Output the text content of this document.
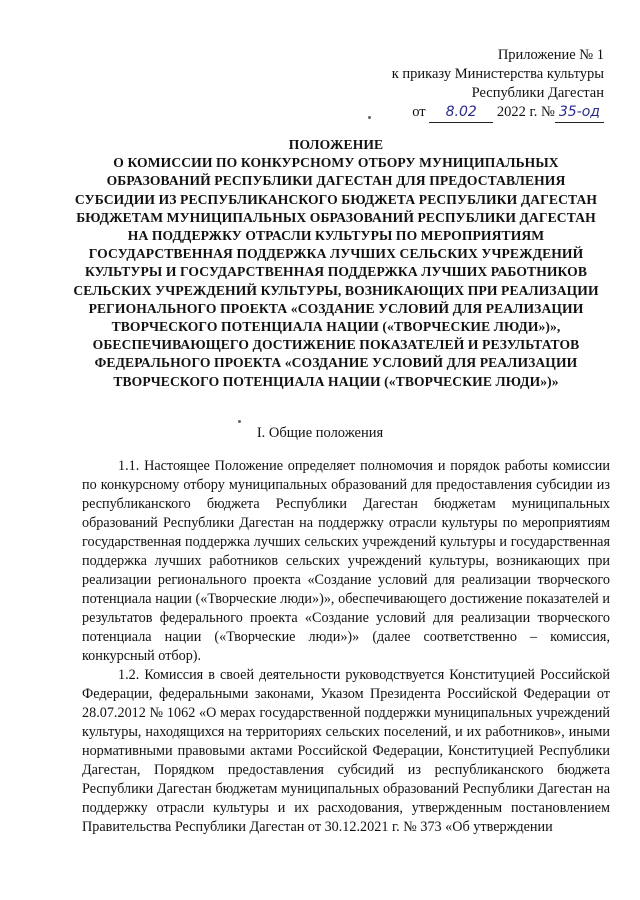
Приложение № 1
к приказу Министерства культуры
Республики Дагестан
от 8.02 2022 г. № 35-од
ПОЛОЖЕНИЕ
О КОМИССИИ ПО КОНКУРСНОМУ ОТБОРУ МУНИЦИПАЛЬНЫХ ОБРАЗОВАНИЙ РЕСПУБЛИКИ ДАГЕСТАН ДЛЯ ПРЕДОСТАВЛЕНИЯ СУБСИДИИ ИЗ РЕСПУБЛИКАНСКОГО БЮДЖЕТА РЕСПУБЛИКИ ДАГЕСТАН БЮДЖЕТАМ МУНИЦИПАЛЬНЫХ ОБРАЗОВАНИЙ РЕСПУБЛИКИ ДАГЕСТАН НА ПОДДЕРЖКУ ОТРАСЛИ КУЛЬТУРЫ ПО МЕРОПРИЯТИЯМ ГОСУДАРСТВЕННАЯ ПОДДЕРЖКА ЛУЧШИХ СЕЛЬСКИХ УЧРЕЖДЕНИЙ КУЛЬТУРЫ И ГОСУДАРСТВЕННАЯ ПОДДЕРЖКА ЛУЧШИХ РАБОТНИКОВ СЕЛЬСКИХ УЧРЕЖДЕНИЙ КУЛЬТУРЫ, ВОЗНИКАЮЩИХ ПРИ РЕАЛИЗАЦИИ РЕГИОНАЛЬНОГО ПРОЕКТА «СОЗДАНИЕ УСЛОВИЙ ДЛЯ РЕАЛИЗАЦИИ ТВОРЧЕСКОГО ПОТЕНЦИАЛА НАЦИИ («ТВОРЧЕСКИЕ ЛЮДИ»)», ОБЕСПЕЧИВАЮЩЕГО ДОСТИЖЕНИЕ ПОКАЗАТЕЛЕЙ И РЕЗУЛЬТАТОВ ФЕДЕРАЛЬНОГО ПРОЕКТА «СОЗДАНИЕ УСЛОВИЙ ДЛЯ РЕАЛИЗАЦИИ ТВОРЧЕСКОГО ПОТЕНЦИАЛА НАЦИИ («ТВОРЧЕСКИЕ ЛЮДИ»)»
I. Общие положения

1.1. Настоящее Положение определяет полномочия и порядок работы комиссии по конкурсному отбору муниципальных образований для предоставления субсидии из республиканского бюджета Республики Дагестан бюджетам муниципальных образований Республики Дагестан на поддержку отрасли культуры по мероприятиям государственная поддержка лучших сельских учреждений культуры и государственная поддержка лучших работников сельских учреждений культуры, возникающих при реализации регионального проекта «Создание условий для реализации творческого потенциала нации («Творческие люди»)», обеспечивающего достижение показателей и результатов федерального проекта «Создание условий для реализации творческого потенциала нации («Творческие люди»)» (далее соответственно – комиссия, конкурсный отбор).

1.2. Комиссия в своей деятельности руководствуется Конституцией Российской Федерации, федеральными законами, Указом Президента Российской Федерации от 28.07.2012 № 1062 «О мерах государственной поддержки муниципальных учреждений культуры, находящихся на территориях сельских поселений, и их работников», иными нормативными правовыми актами Российской Федерации, Конституцией Республики Дагестан, Порядком предоставления субсидий из республиканского бюджета Республики Дагестан бюджетам муниципальных образований Республики Дагестан на поддержку отрасли культуры и их расходования, утвержденным постановлением Правительства Республики Дагестан от 30.12.2021 г. № 373 «Об утверждении
